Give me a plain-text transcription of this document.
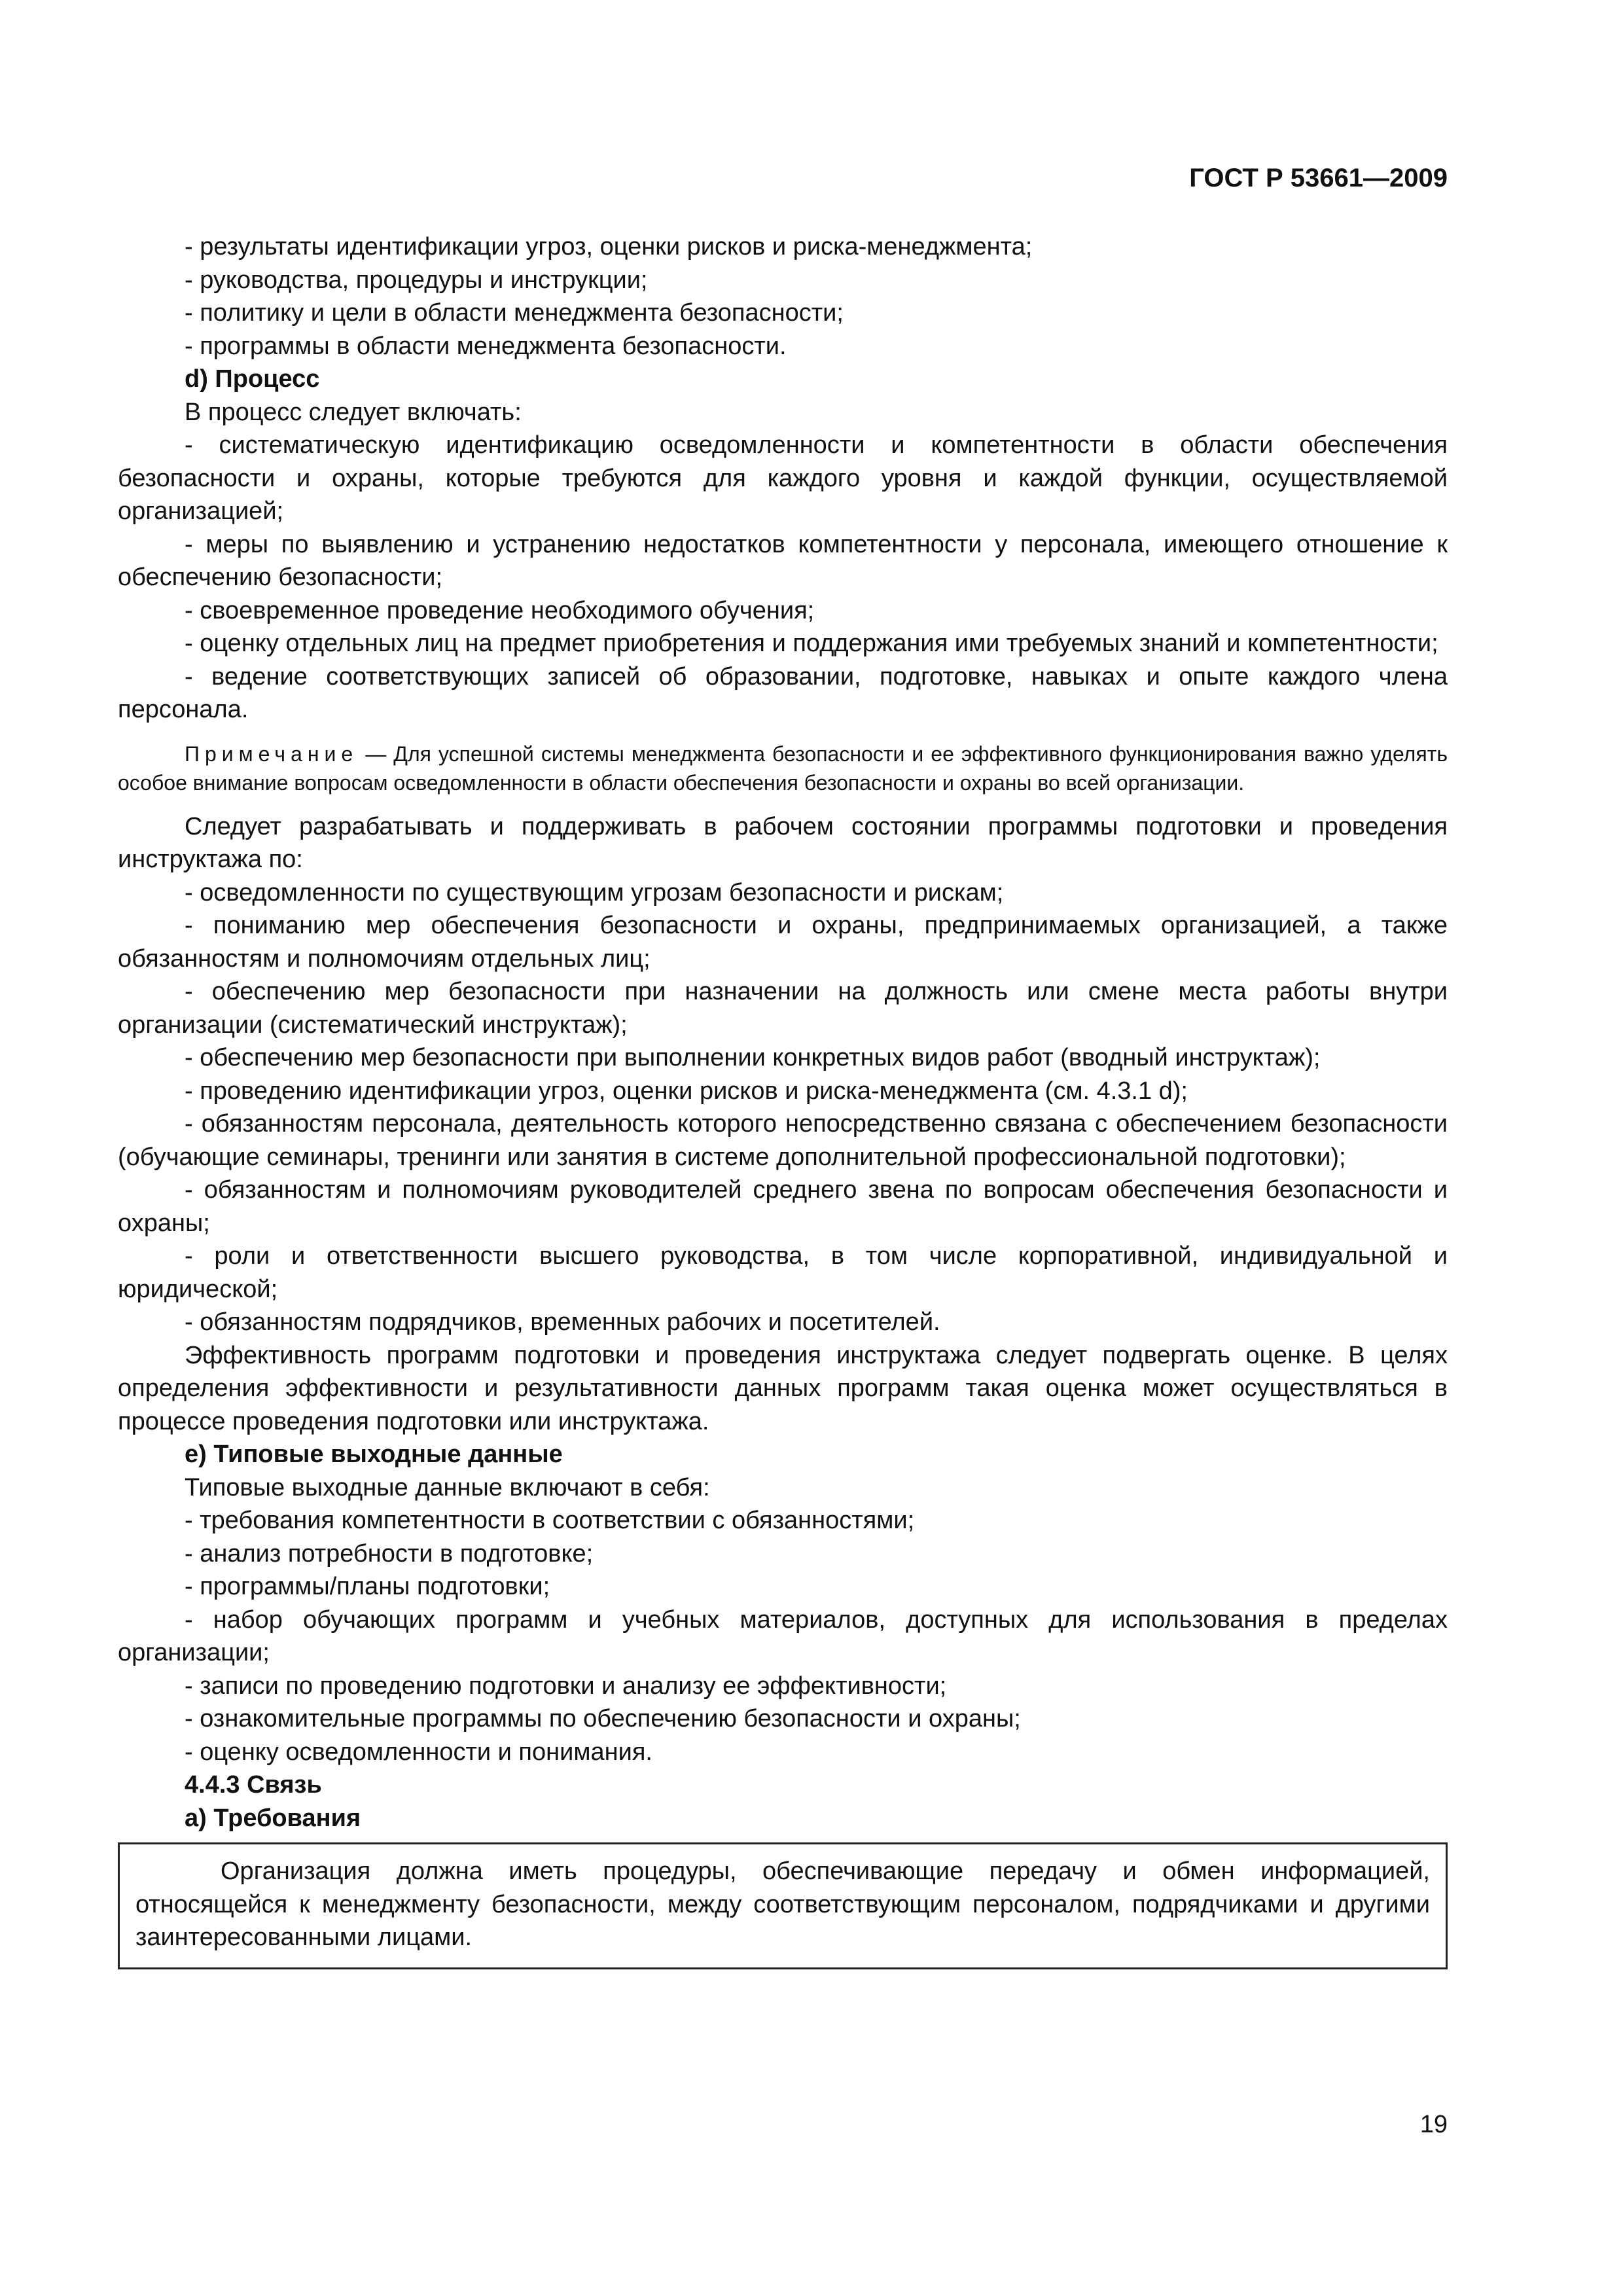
ГОСТ Р 53661—2009

- результаты идентификации угроз, оценки рисков и риска-менеджмента;

- руководства, процедуры и инструкции;

- политику и цели в области менеджмента безопасности;

- программы в области менеджмента безопасности.

d) Процесс

В процесс следует включать:

- систематическую идентификацию осведомленности и компетентности в области обеспечения безопасности и охраны, которые требуются для каждого уровня и каждой функции, осуществляемой организацией;

- меры по выявлению и устранению недостатков компетентности у персонала, имеющего отношение к обеспечению безопасности;

- своевременное проведение необходимого обучения;

- оценку отдельных лиц на предмет приобретения и поддержания ими требуемых знаний и компетентности;

- ведение соответствующих записей об образовании, подготовке, навыках и опыте каждого члена персонала.

Примечание — Для успешной системы менеджмента безопасности и ее эффективного функционирования важно уделять особое внимание вопросам осведомленности в области обеспечения безопасности и охраны во всей организации.

Следует разрабатывать и поддерживать в рабочем состоянии программы подготовки и проведения инструктажа по:

- осведомленности по существующим угрозам безопасности и рискам;

- пониманию мер обеспечения безопасности и охраны, предпринимаемых организацией, а также обязанностям и полномочиям отдельных лиц;

- обеспечению мер безопасности при назначении на должность или смене места работы внутри организации (систематический инструктаж);

- обеспечению мер безопасности при выполнении конкретных видов работ (вводный инструктаж);

- проведению идентификации угроз, оценки рисков и риска-менеджмента (см. 4.3.1 d);

- обязанностям персонала, деятельность которого непосредственно связана с обеспечением безопасности (обучающие семинары, тренинги или занятия в системе дополнительной профессиональной подготовки);

- обязанностям и полномочиям руководителей среднего звена по вопросам обеспечения безопасности и охраны;

- роли и ответственности высшего руководства, в том числе корпоративной, индивидуальной и юридической;

- обязанностям подрядчиков, временных рабочих и посетителей.

Эффективность программ подготовки и проведения инструктажа следует подвергать оценке. В целях определения эффективности и результативности данных программ такая оценка может осуществляться в процессе проведения подготовки или инструктажа.

e) Типовые выходные данные

Типовые выходные данные включают в себя:

- требования компетентности в соответствии с обязанностями;

- анализ потребности в подготовке;

- программы/планы подготовки;

- набор обучающих программ и учебных материалов, доступных для использования в пределах организации;

- записи по проведению подготовки и анализу ее эффективности;

- ознакомительные программы по обеспечению безопасности и охраны;

- оценку осведомленности и понимания.

4.4.3 Связь

a) Требования

Организация должна иметь процедуры, обеспечивающие передачу и обмен информацией, относящейся к менеджменту безопасности, между соответствующим персоналом, подрядчиками и другими заинтересованными лицами.

19
